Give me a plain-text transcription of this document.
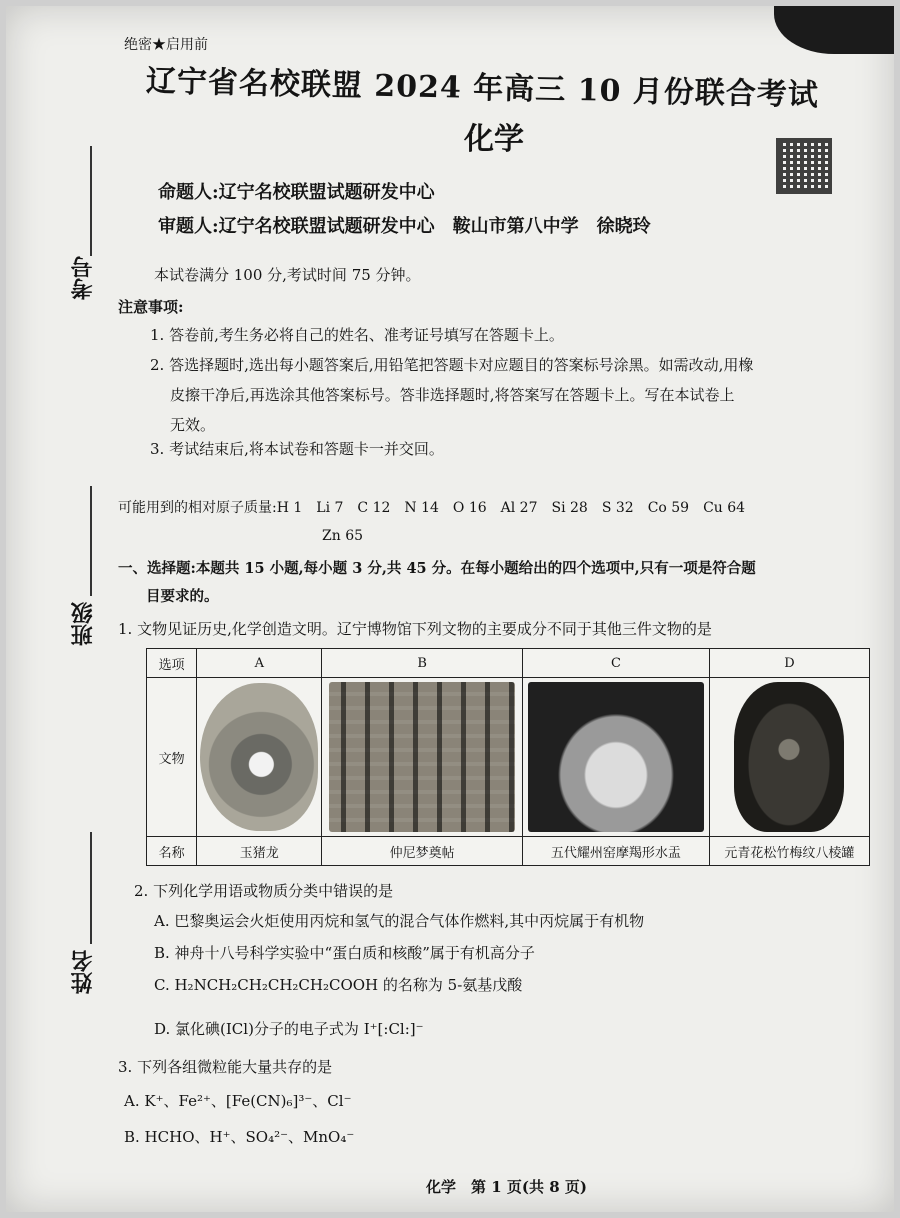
绝密★启用前
辽宁省名校联盟 2024 年高三 10 月份联合考试
化学
命题人:辽宁名校联盟试题研发中心
审题人:辽宁名校联盟试题研发中心　鞍山市第八中学　徐晓玲
考号
班级
姓名
本试卷满分 100 分,考试时间 75 分钟。
注意事项:
1. 答卷前,考生务必将自己的姓名、准考证号填写在答题卡上。
2. 答选择题时,选出每小题答案后,用铅笔把答题卡对应题目的答案标号涂黑。如需改动,用橡
皮擦干净后,再选涂其他答案标号。答非选择题时,将答案写在答题卡上。写在本试卷上
无效。
3. 考试结束后,将本试卷和答题卡一并交回。
可能用到的相对原子质量:H 1　Li 7　C 12　N 14　O 16　Al 27　Si 28　S 32　Co 59　Cu 64
Zn 65
一、选择题:本题共 15 小题,每小题 3 分,共 45 分。在每小题给出的四个选项中,只有一项是符合题
目要求的。
1. 文物见证历史,化学创造文明。辽宁博物馆下列文物的主要成分不同于其他三件文物的是
选项	A	B	C	D
文物	

名称	玉猪龙	仲尼梦奠帖	五代耀州窑摩羯形水盂	元青花松竹梅纹八棱罐
2. 下列化学用语或物质分类中错误的是
A. 巴黎奥运会火炬使用丙烷和氢气的混合气体作燃料,其中丙烷属于有机物
B. 神舟十八号科学实验中“蛋白质和核酸”属于有机高分子
C. H₂NCH₂CH₂CH₂CH₂COOH 的名称为 5-氨基戊酸
D. 氯化碘(ICl)分子的电子式为 I⁺[:Cl:]⁻
3. 下列各组微粒能大量共存的是
A. K⁺、Fe²⁺、[Fe(CN)₆]³⁻、Cl⁻
B. HCHO、H⁺、SO₄²⁻、MnO₄⁻
化学　第 1 页(共 8 页)
